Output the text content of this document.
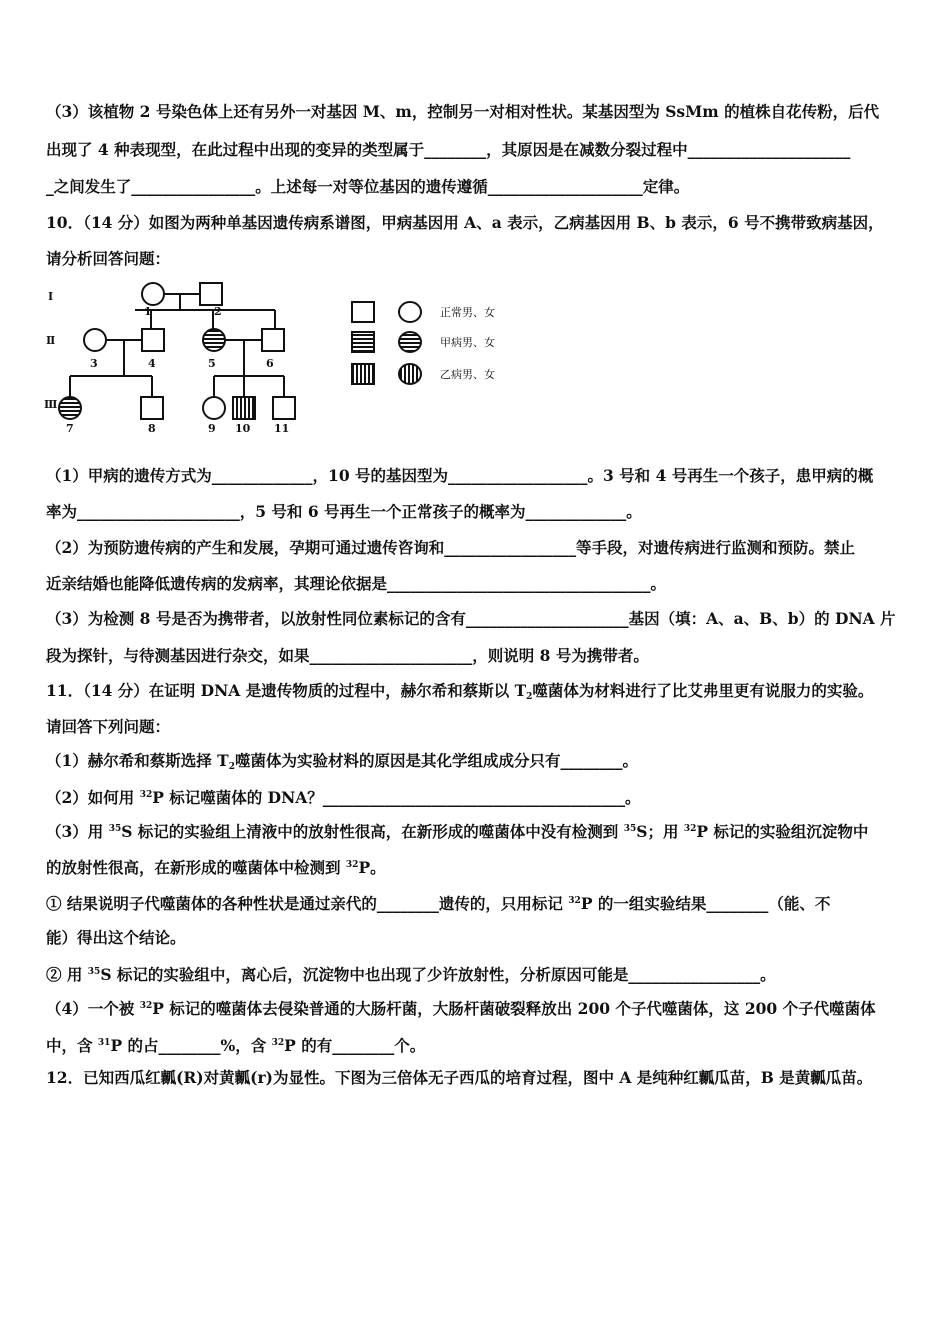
（3）该植物 2 号染色体上还有另外一对基因 M、m，控制另一对相对性状。某基因型为 SsMm 的植株自花传粉，后代
出现了 4 种表现型，在此过程中出现的变异的类型属于________，其原因是在减数分裂过程中_____________________
_之间发生了________________。上述每一对等位基因的遗传遵循____________________定律。
10．（14 分）如图为两种单基因遗传病系谱图，甲病基因用 A、a 表示，乙病基因用 B、b 表示，6 号不携带致病基因，
请分析回答问题：
Ⅰ
Ⅱ
Ⅲ
1	2
3	4	5	6
7	8	9 10 11
正常男、女
甲病男、女
乙病男、女
（1）甲病的遗传方式为_____________，10 号的基因型为__________________。3 号和 4 号再生一个孩子，患甲病的概
率为_____________________，5 号和 6 号再生一个正常孩子的概率为_____________。
（2）为预防遗传病的产生和发展，孕期可通过遗传咨询和_________________等手段，对遗传病进行监测和预防。禁止
近亲结婚也能降低遗传病的发病率，其理论依据是__________________________________。
（3）为检测 8 号是否为携带者，以放射性同位素标记的含有_____________________基因（填：A、a、B、b）的 DNA 片
段为探针，与待测基因进行杂交，如果_____________________，则说明 8 号为携带者。
11．（14 分）在证明 DNA 是遗传物质的过程中，赫尔希和蔡斯以 $T_2$噬菌体为材料进行了比艾弗里更有说服力的实验。
请回答下列问题：
（1）赫尔希和蔡斯选择 $T_2$噬菌体为实验材料的原因是其化学组成成分只有________。
（2）如何用 $^{32}$P 标记噬菌体的 DNA？_______________________________________。
（3）用 $^{35}$S 标记的实验组上清液中的放射性很高，在新形成的噬菌体中没有检测到 $^{35}$S；用 $^{32}$P 标记的实验组沉淀物中
的放射性很高，在新形成的噬菌体中检测到 $^{32}$P。
① 结果说明子代噬菌体的各种性状是通过亲代的________遗传的，只用标记 $^{32}$P 的一组实验结果________（能、不
能）得出这个结论。
② 用 $^{35}$S 标记的实验组中，离心后，沉淀物中也出现了少许放射性，分析原因可能是_________________。
（4）一个被 $^{32}$P 标记的噬菌体去侵染普通的大肠杆菌，大肠杆菌破裂释放出 200 个子代噬菌体，这 200 个子代噬菌体
中，含 $^{31}$P 的占________%，含 $^{32}$P 的有________个。
12．已知西瓜红瓤(R)对黄瓤(r)为显性。下图为三倍体无子西瓜的培育过程，图中 A 是纯种红瓤瓜苗，B 是黄瓤瓜苗。
